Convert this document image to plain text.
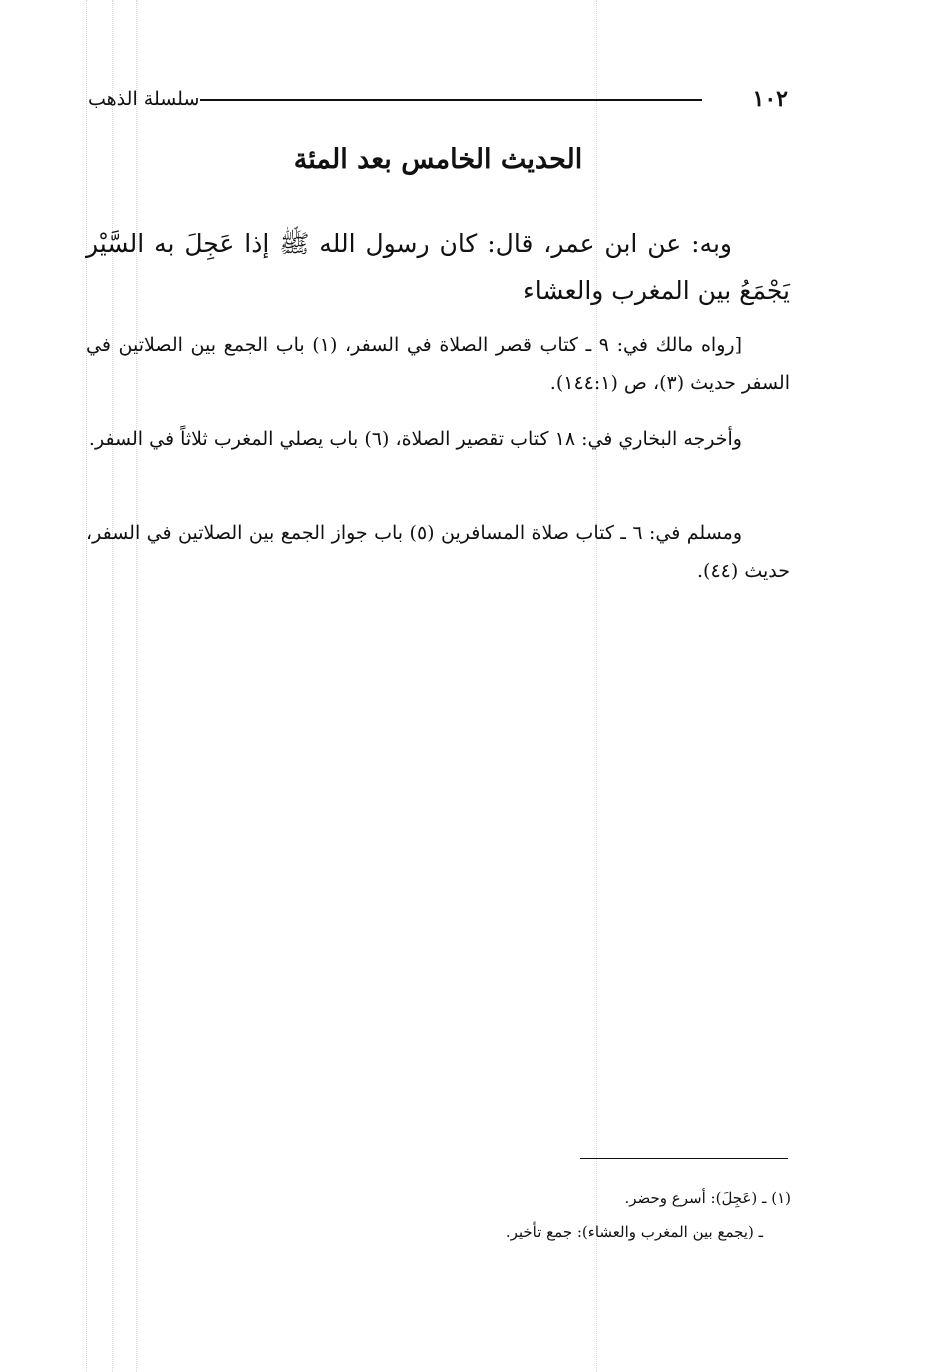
١٠٢
سلسلة الذهب
الحديث الخامس بعد المئة

وبه: عن ابن عمر، قال: كان رسول الله ﷺ إذا عَجِلَ به السَّيْر يَجْمَعُ بين المغرب والعشاء

[رواه مالك في: ٩ ـ كتاب قصر الصلاة في السفر، (١) باب الجمع بين الصلاتين في السفر حديث (٣)، ص (١٤٤:١).

وأخرجه البخاري في: ١٨ كتاب تقصير الصلاة، (٦) باب يصلي المغرب ثلاثاً في السفر.

ومسلم في: ٦ ـ كتاب صلاة المسافرين (٥) باب جواز الجمع بين الصلاتين في السفر، حديث (٤٤).

(١) ـ (عَجِلَ): أسرع وحضر.
ـ (يجمع بين المغرب والعشاء): جمع تأخير.
